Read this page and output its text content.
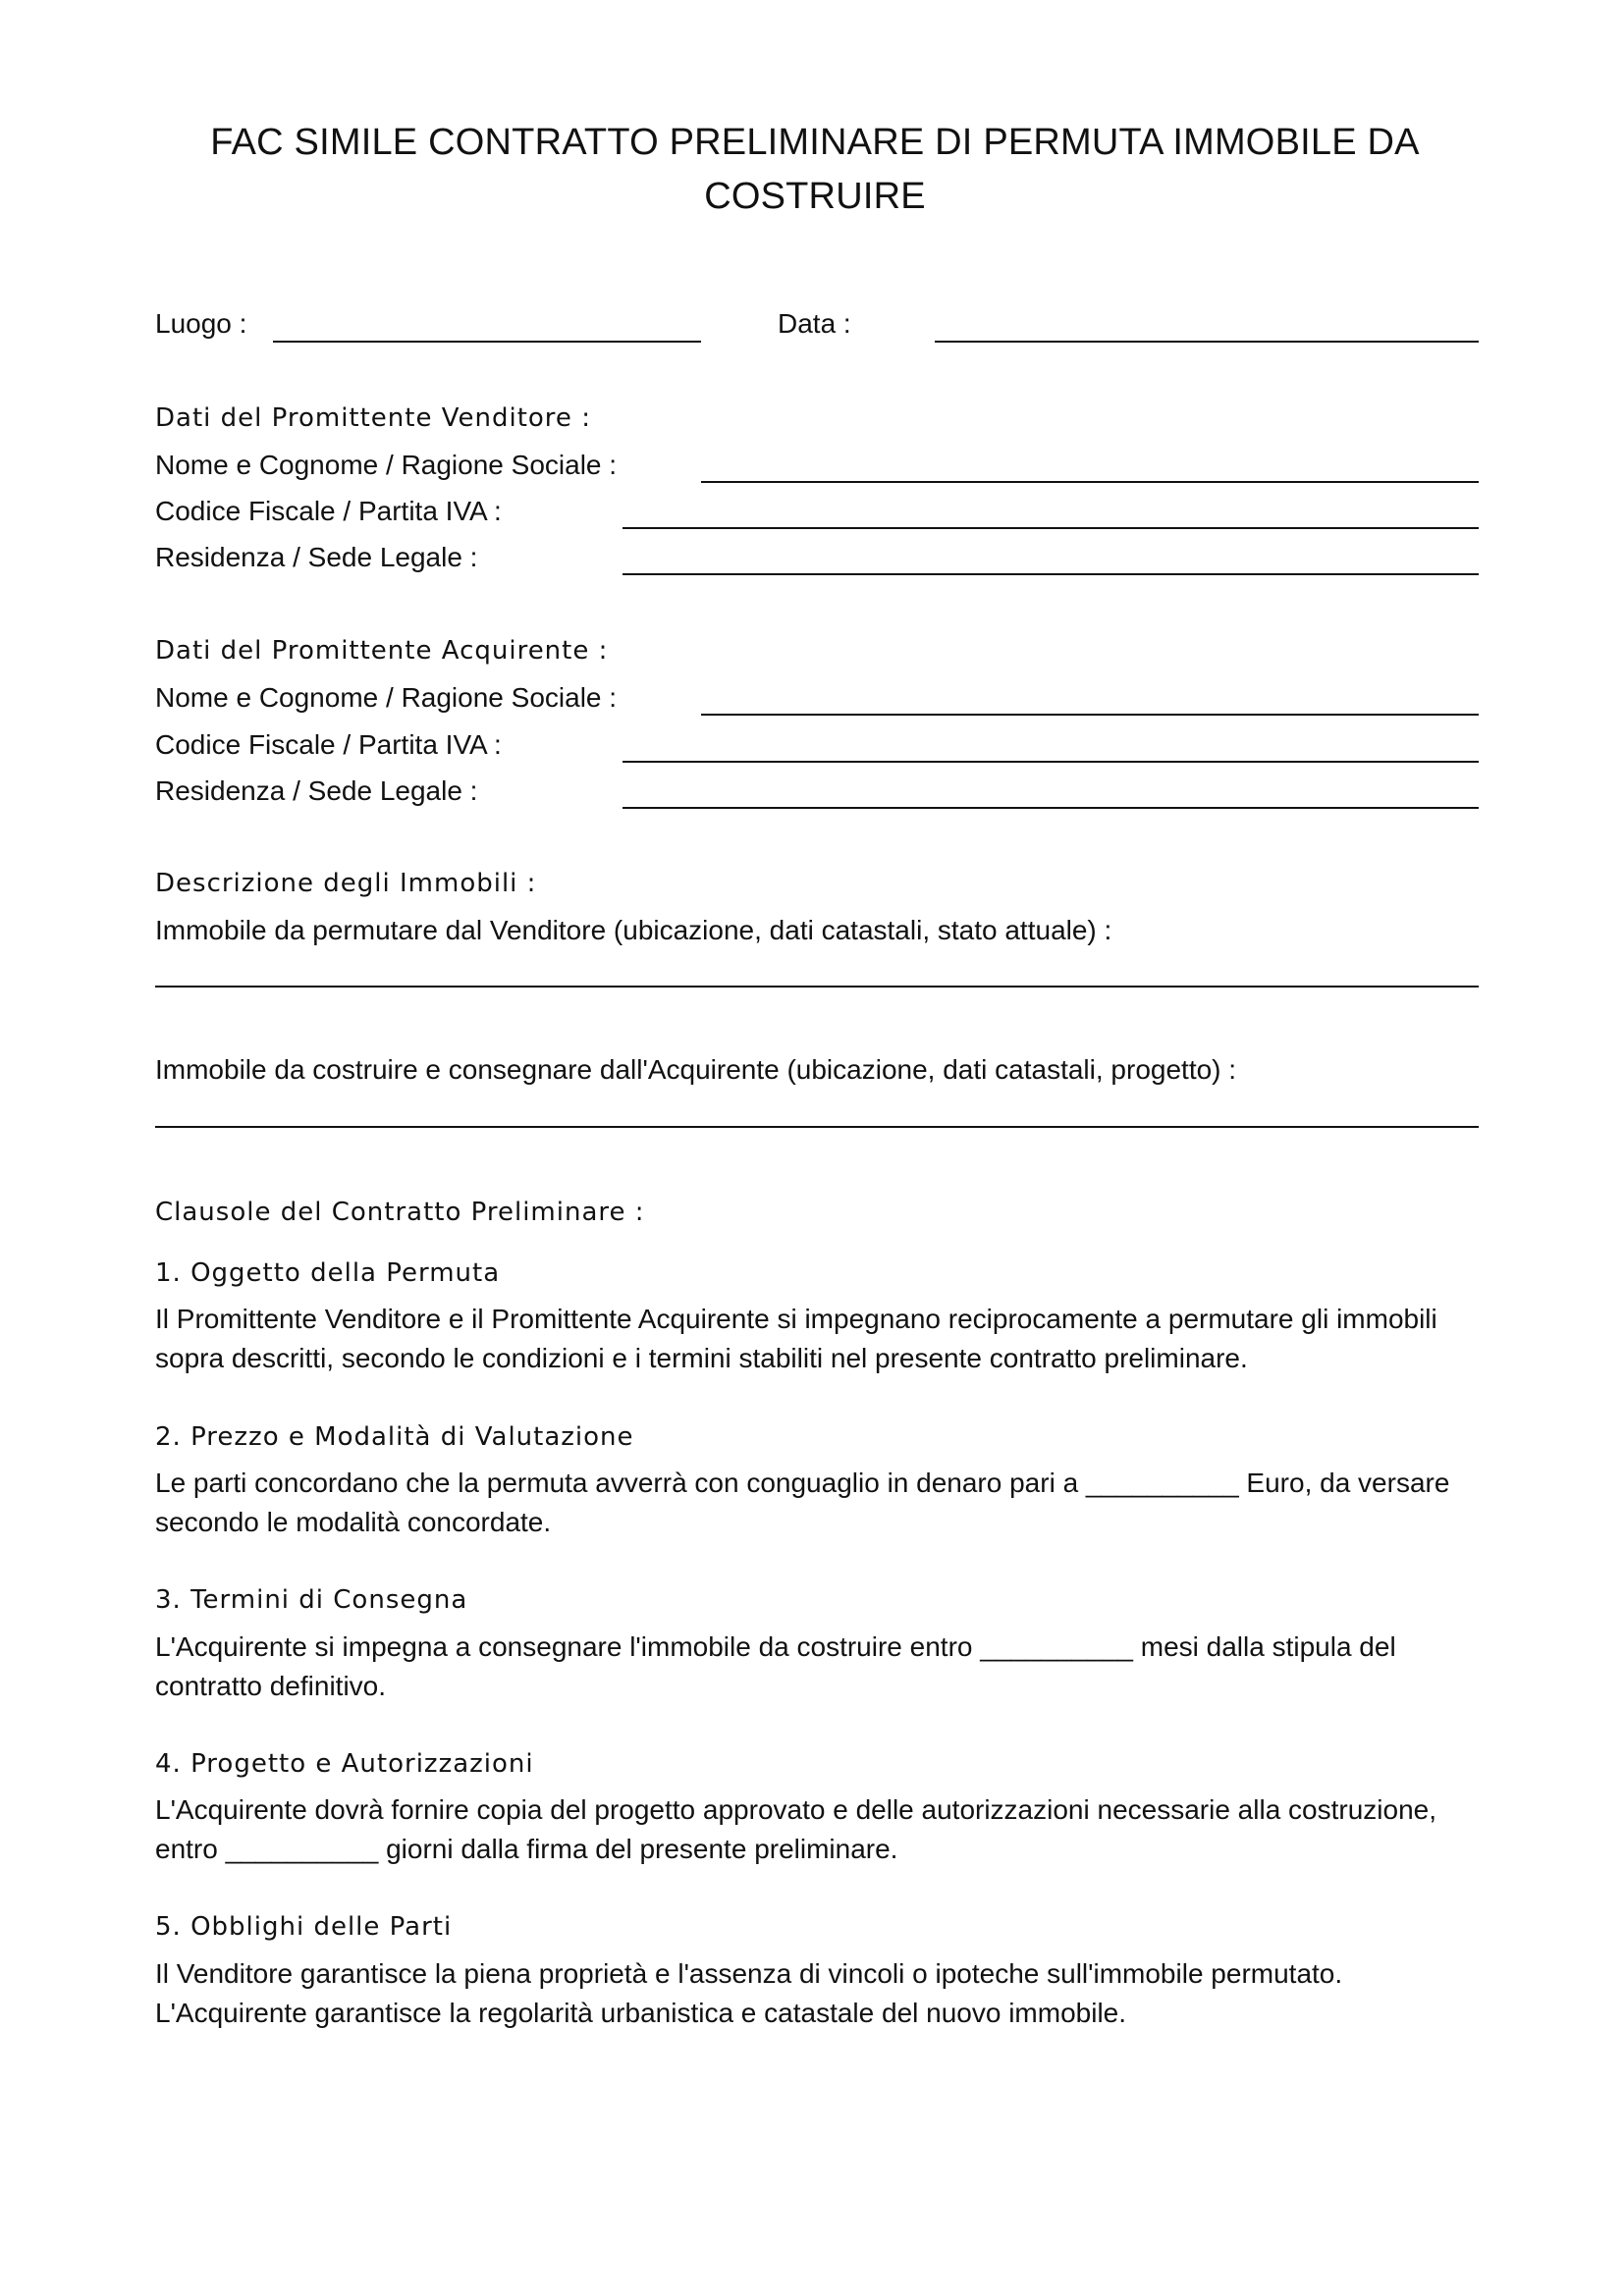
FAC SIMILE CONTRATTO PRELIMINARE DI PERMUTA IMMOBILE DA
COSTRUIRE
Luogo :	Data :
Dati del Promittente Venditore :
Nome e Cognome / Ragione Sociale :
Codice Fiscale / Partita IVA :
Residenza / Sede Legale :
Dati del Promittente Acquirente :
Nome e Cognome / Ragione Sociale :
Codice Fiscale / Partita IVA :
Residenza / Sede Legale :
Descrizione degli Immobili :
Immobile da permutare dal Venditore (ubicazione, dati catastali, stato attuale) :
Immobile da costruire e consegnare dall'Acquirente (ubicazione, dati catastali, progetto) :
Clausole del Contratto Preliminare :
1. Oggetto della Permuta
Il Promittente Venditore e il Promittente Acquirente si impegnano reciprocamente a permutare gli immobili sopra descritti, secondo le condizioni e i termini stabiliti nel presente contratto preliminare.
2. Prezzo e Modalità di Valutazione
Le parti concordano che la permuta avverrà con conguaglio in denaro pari a __________ Euro, da versare secondo le modalità concordate.
3. Termini di Consegna
L'Acquirente si impegna a consegnare l'immobile da costruire entro __________ mesi dalla stipula del contratto definitivo.
4. Progetto e Autorizzazioni
L'Acquirente dovrà fornire copia del progetto approvato e delle autorizzazioni necessarie alla costruzione, entro __________ giorni dalla firma del presente preliminare.
5. Obblighi delle Parti
Il Venditore garantisce la piena proprietà e l'assenza di vincoli o ipoteche sull'immobile permutato. L'Acquirente garantisce la regolarità urbanistica e catastale del nuovo immobile.
